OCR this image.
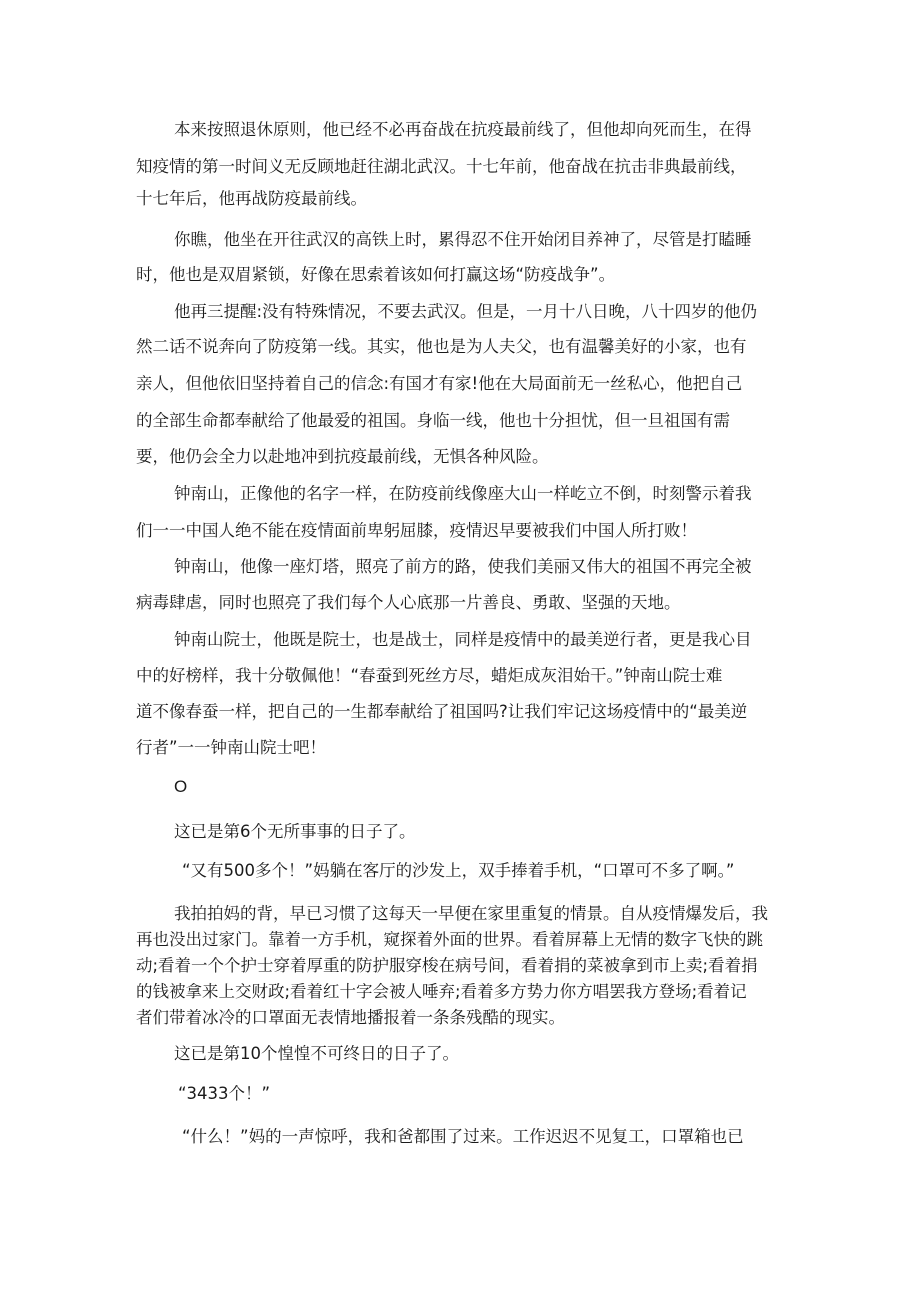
本来按照退休原则，他已经不必再奋战在抗疫最前线了，但他却向死而生，在得
知疫情的第一时间义无反顾地赶往湖北武汉。十七年前，他奋战在抗击非典最前线，
十七年后，他再战防疫最前线。
你瞧，他坐在开往武汉的高铁上时，累得忍不住开始闭目养神了，尽管是打瞌睡
时，他也是双眉紧锁，好像在思索着该如何打赢这场“防疫战争”。
他再三提醒:没有特殊情况，不要去武汉。但是，一月十八日晚，八十四岁的他仍
然二话不说奔向了防疫第一线。其实，他也是为人夫父，也有温馨美好的小家，也有
亲人，但他依旧坚持着自己的信念:有国才有家!他在大局面前无一丝私心，他把自己
的全部生命都奉献给了他最爱的祖国。身临一线，他也十分担忧，但一旦祖国有需
要，他仍会全力以赴地冲到抗疫最前线，无惧各种风险。
钟南山，正像他的名字一样，在防疫前线像座大山一样屹立不倒，时刻警示着我
们一一中国人绝不能在疫情面前卑躬屈膝，疫情迟早要被我们中国人所打败！
钟南山，他像一座灯塔，照亮了前方的路，使我们美丽又伟大的祖国不再完全被
病毒肆虐，同时也照亮了我们每个人心底那一片善良、勇敢、坚强的天地。
钟南山院士，他既是院士，也是战士，同样是疫情中的最美逆行者，更是我心目
中的好榜样，我十分敬佩他！“春蚕到死丝方尽，蜡炬成灰泪始干。”钟南山院士难
道不像春蚕一样，把自己的一生都奉献给了祖国吗?让我们牢记这场疫情中的“最美逆
行者”一一钟南山院士吧！
O
这已是第6个无所事事的日子了。
“又有500多个！”妈躺在客厅的沙发上，双手捧着手机，“口罩可不多了啊。”
我拍拍妈的背，早已习惯了这每天一早便在家里重复的情景。自从疫情爆发后，我
再也没出过家门。靠着一方手机，窥探着外面的世界。看着屏幕上无情的数字飞快的跳
动;看着一个个护士穿着厚重的防护服穿梭在病号间，看着捐的菜被拿到市上卖;看着捐
的钱被拿来上交财政;看着红十字会被人唾弃;看着多方势力你方唱罢我方登场;看着记
者们带着冰冷的口罩面无表情地播报着一条条残酷的现实。
这已是第10个惶惶不可终日的日子了。
“3433个！”
“什么！”妈的一声惊呼，我和爸都围了过来。工作迟迟不见复工，口罩箱也已
